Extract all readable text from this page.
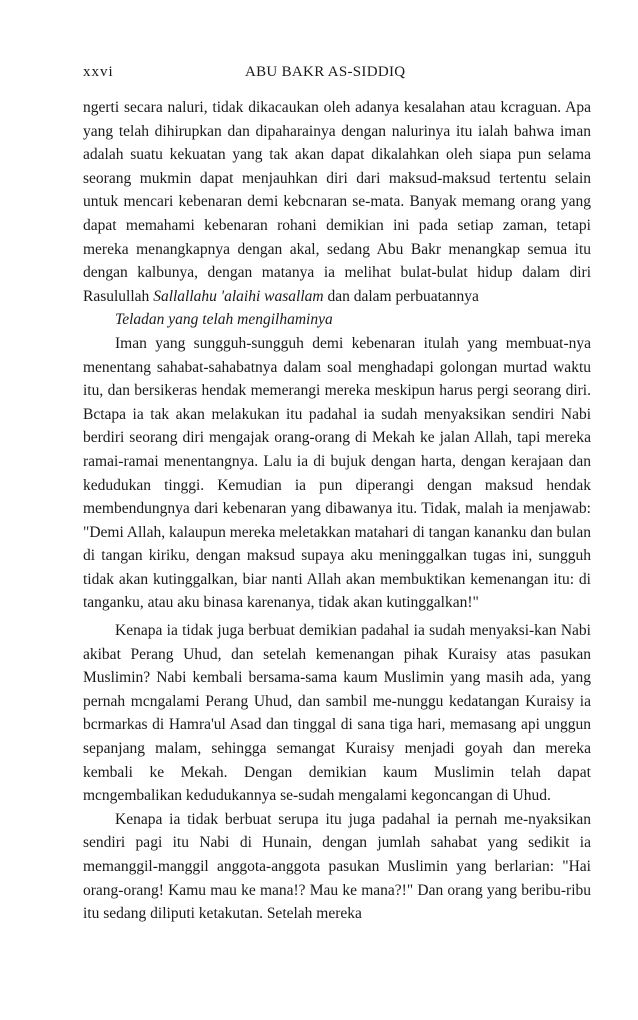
xxvi	ABU BAKR AS-SIDDIQ

ngerti secara naluri, tidak dikacaukan oleh adanya kesalahan atau kcraguan. Apa yang telah dihirupkan dan dipaharainya dengan nalurinya itu ialah bahwa iman adalah suatu kekuatan yang tak akan dapat dikalahkan oleh siapa pun selama seorang mukmin dapat menjauhkan diri dari maksud-maksud tertentu selain untuk mencari kebenaran demi kebcnaran se-mata. Banyak memang orang yang dapat memahami kebenaran rohani demikian ini pada setiap zaman, tetapi mereka menangkapnya dengan akal, sedang Abu Bakr menangkap semua itu dengan kalbunya, dengan matanya ia melihat bulat-bulat hidup dalam diri Rasulullah Sallallahu 'alaihi wasallam dan dalam perbuatannya

Teladan yang telah mengilhaminya

Iman yang sungguh-sungguh demi kebenaran itulah yang membuat-nya menentang sahabat-sahabatnya dalam soal menghadapi golongan murtad waktu itu, dan bersikeras hendak memerangi mereka meskipun harus pergi seorang diri. Bctapa ia tak akan melakukan itu padahal ia sudah menyaksikan sendiri Nabi berdiri seorang diri mengajak orang-orang di Mekah ke jalan Allah, tapi mereka ramai-ramai menentangnya. Lalu ia di bujuk dengan harta, dengan kerajaan dan kedudukan tinggi. Kemudian ia pun diperangi dengan maksud hendak membendungnya dari kebenaran yang dibawanya itu. Tidak, malah ia menjawab: "Demi Allah, kalaupun mereka meletakkan matahari di tangan kananku dan bulan di tangan kiriku, dengan maksud supaya aku meninggalkan tugas ini, sungguh tidak akan kutinggalkan, biar nanti Allah akan membuktikan kemenangan itu: di tanganku, atau aku binasa karenanya, tidak akan kutinggalkan!"

Kenapa ia tidak juga berbuat demikian padahal ia sudah menyaksi-kan Nabi akibat Perang Uhud, dan setelah kemenangan pihak Kuraisy atas pasukan Muslimin? Nabi kembali bersama-sama kaum Muslimin yang masih ada, yang pernah mcngalami Perang Uhud, dan sambil me-nunggu kedatangan Kuraisy ia bcrmarkas di Hamra'ul Asad dan tinggal di sana tiga hari, memasang api unggun sepanjang malam, sehingga semangat Kuraisy menjadi goyah dan mereka kembali ke Mekah. Dengan demikian kaum Muslimin telah dapat mcngembalikan kedudukannya se-sudah mengalami kegoncangan di Uhud.

Kenapa ia tidak berbuat serupa itu juga padahal ia pernah me-nyaksikan sendiri pagi itu Nabi di Hunain, dengan jumlah sahabat yang sedikit ia memanggil-manggil anggota-anggota pasukan Muslimin yang berlarian: "Hai orang-orang! Kamu mau ke mana!? Mau ke mana?!" Dan orang yang beribu-ribu itu sedang diliputi ketakutan. Setelah mereka
